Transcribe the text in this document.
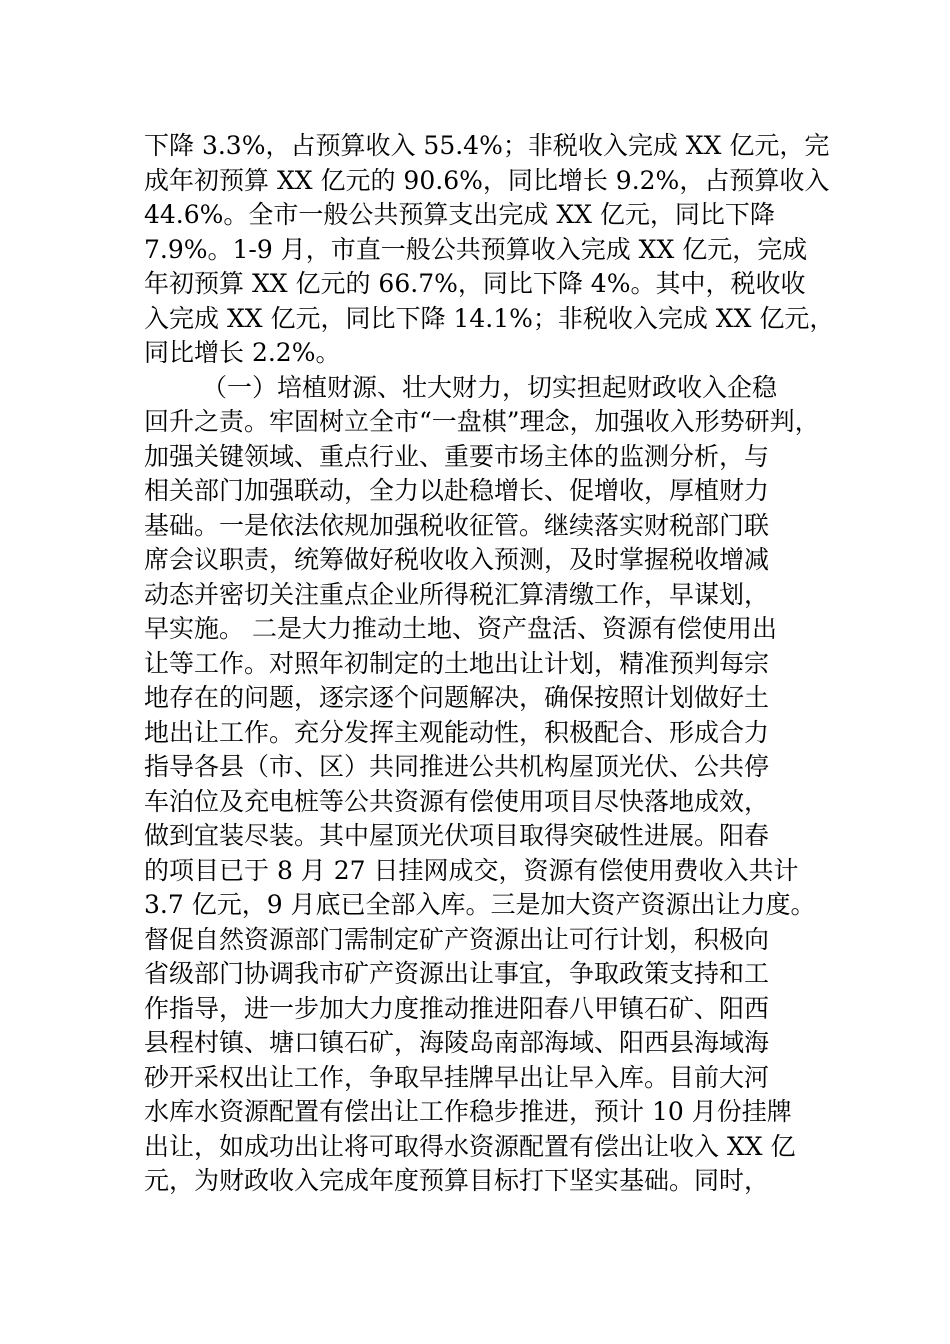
下降 3.3%，占预算收入 55.4%；非税收入完成 XX 亿元，完
成年初预算 XX 亿元的 90.6%，同比增长 9.2%，占预算收入
44.6%。全市一般公共预算支出完成 XX 亿元，同比下降
7.9%。1-9 月，市直一般公共预算收入完成 XX 亿元，完成
年初预算 XX 亿元的 66.7%，同比下降 4%。其中，税收收
入完成 XX 亿元，同比下降 14.1%；非税收入完成 XX 亿元，
同比增长 2.2%。
（一）培植财源、壮大财力，切实担起财政收入企稳
回升之责。牢固树立全市“一盘棋”理念，加强收入形势研判，
加强关键领域、重点行业、重要市场主体的监测分析，与
相关部门加强联动，全力以赴稳增长、促增收，厚植财力
基础。一是依法依规加强税收征管。继续落实财税部门联
席会议职责，统筹做好税收收入预测，及时掌握税收增减
动态并密切关注重点企业所得税汇算清缴工作，早谋划，
早实施。 二是大力推动土地、资产盘活、资源有偿使用出
让等工作。对照年初制定的土地出让计划，精准预判每宗
地存在的问题，逐宗逐个问题解决，确保按照计划做好土
地出让工作。充分发挥主观能动性，积极配合、形成合力
指导各县（市、区）共同推进公共机构屋顶光伏、公共停
车泊位及充电桩等公共资源有偿使用项目尽快落地成效，
做到宜装尽装。其中屋顶光伏项目取得突破性进展。阳春
的项目已于 8 月 27 日挂网成交，资源有偿使用费收入共计
3.7 亿元，9 月底已全部入库。三是加大资产资源出让力度。
督促自然资源部门需制定矿产资源出让可行计划，积极向
省级部门协调我市矿产资源出让事宜，争取政策支持和工
作指导，进一步加大力度推动推进阳春八甲镇石矿、阳西
县程村镇、塘口镇石矿，海陵岛南部海域、阳西县海域海
砂开采权出让工作，争取早挂牌早出让早入库。目前大河
水库水资源配置有偿出让工作稳步推进，预计 10 月份挂牌
出让，如成功出让将可取得水资源配置有偿出让收入 XX 亿
元，为财政收入完成年度预算目标打下坚实基础。同时，
